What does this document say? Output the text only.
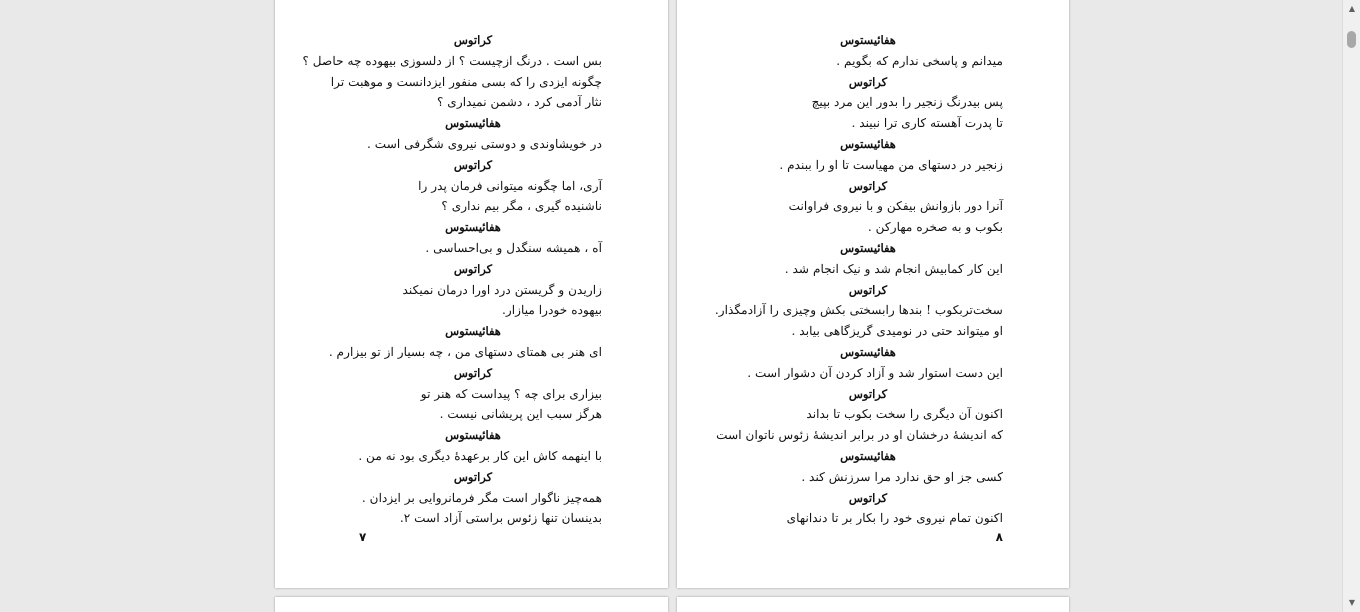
کراتوس
بس است . درنگ ازچیست ؟ از دلسوزی بیهوده چه حاصل ؟
چگونه ایزدی را که بسی منفور ایزدانست و موهبت ترا
نثار آدمی کرد ، دشمن نمیداری ؟
هفائیستوس
در خویشاوندی و دوستی نیروی شگرفی است .
کراتوس
آری، اما چگونه میتوانی فرمان پدر را
ناشنیده گیری ، مگر بیم نداری ؟
هفائیستوس
آه ، همیشه سنگدل و بی‌احساسی .
کراتوس
زاریدن و گریستن درد اورا درمان نمیکند
بیهوده خودرا میازار.
هفائیستوس
ای هنر بی همتای دستهای من ، چه بسیار از تو بیزارم .
کراتوس
بیزاری برای چه ؟ پیداست که هنر تو
هرگز سبب این پریشانی نیست .
هفائیستوس
با اینهمه کاش این کار برعهدهٔ دیگری بود نه من .
کراتوس
همه‌چیز ناگوار است مگر فرمانروایی بر ایزدان .
بدینسان تنها زئوس براستی آزاد است ۲.
۷
هفائیستوس
میدانم و پاسخی ندارم که بگویم .
کراتوس
پس بیدرنگ زنجیر را بدور این مرد بپیچ
تا پدرت آهسته کاری ترا نبیند .
هفائیستوس
زنجیر در دستهای من مهیاست تا او را ببندم .
کراتوس
آنرا دور بازوانش بیفکن و با نیروی فراوانت
بکوب و به صخره مهارکن .
هفائیستوس
این کار کمابیش انجام شد و نیک انجام شد .
کراتوس
سخت‌تربکوب ! بندها رابسختی بکش وچیزی را آزادمگذار.
او میتواند حتی در نومیدی گریزگاهی بیابد .
هفائیستوس
این دست استوار شد و آزاد کردن آن دشوار است .
کراتوس
اکنون آن دیگری را سخت بکوب تا بداند
که اندیشهٔ درخشان او در برابر اندیشهٔ زئوس ناتوان است
هفائیستوس
کسی جز او حق ندارد مرا سرزنش کند .
کراتوس
اکنون تمام نیروی خود را بکار بر تا دندانهای
۸
▲
▼
